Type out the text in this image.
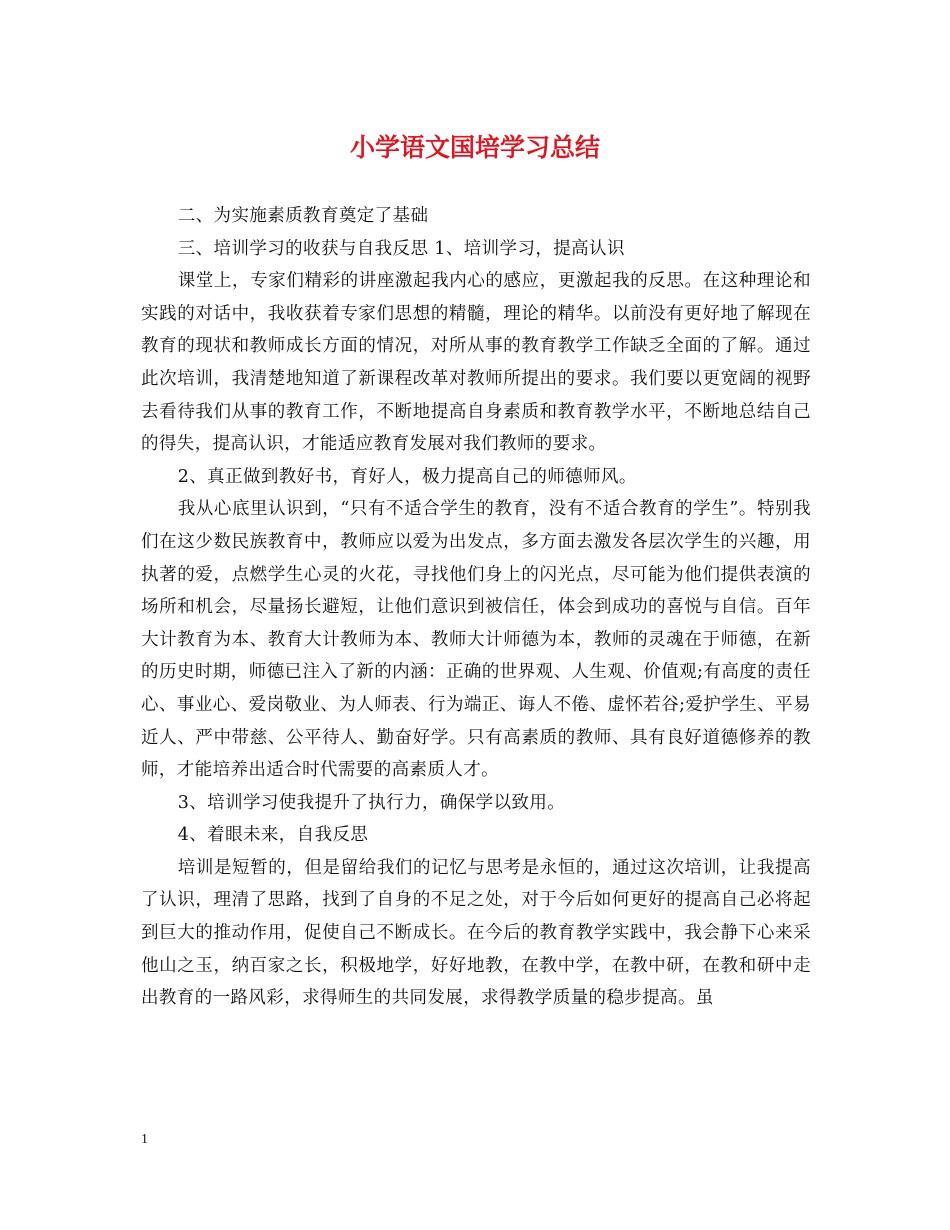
小学语文国培学习总结

二、为实施素质教育奠定了基础

三、培训学习的收获与自我反思 1、培训学习，提高认识

课堂上，专家们精彩的讲座激起我内心的感应，更激起我的反思。在这种理论和实践的对话中，我收获着专家们思想的精髓，理论的精华。以前没有更好地了解现在教育的现状和教师成长方面的情况，对所从事的教育教学工作缺乏全面的了解。通过此次培训，我清楚地知道了新课程改革对教师所提出的要求。我们要以更宽阔的视野去看待我们从事的教育工作，不断地提高自身素质和教育教学水平，不断地总结自己的得失，提高认识，才能适应教育发展对我们教师的要求。

2、真正做到教好书，育好人，极力提高自己的师德师风。

我从心底里认识到，“只有不适合学生的教育，没有不适合教育的学生”。特别我们在这少数民族教育中，教师应以爱为出发点，多方面去激发各层次学生的兴趣，用执著的爱，点燃学生心灵的火花，寻找他们身上的闪光点，尽可能为他们提供表演的场所和机会，尽量扬长避短，让他们意识到被信任，体会到成功的喜悦与自信。百年大计教育为本、教育大计教师为本、教师大计师德为本，教师的灵魂在于师德，在新的历史时期，师德已注入了新的内涵：正确的世界观、人生观、价值观;有高度的责任心、事业心、爱岗敬业、为人师表、行为端正、诲人不倦、虚怀若谷;爱护学生、平易近人、严中带慈、公平待人、勤奋好学。只有高素质的教师、具有良好道德修养的教师，才能培养出适合时代需要的高素质人才。

3、培训学习使我提升了执行力，确保学以致用。

4、着眼未来，自我反思

培训是短暂的，但是留给我们的记忆与思考是永恒的，通过这次培训，让我提高了认识，理清了思路，找到了自身的不足之处，对于今后如何更好的提高自己必将起到巨大的推动作用，促使自己不断成长。在今后的教育教学实践中，我会静下心来采他山之玉，纳百家之长，积极地学，好好地教，在教中学，在教中研，在教和研中走出教育的一路风彩，求得师生的共同发展，求得教学质量的稳步提高。虽

1
